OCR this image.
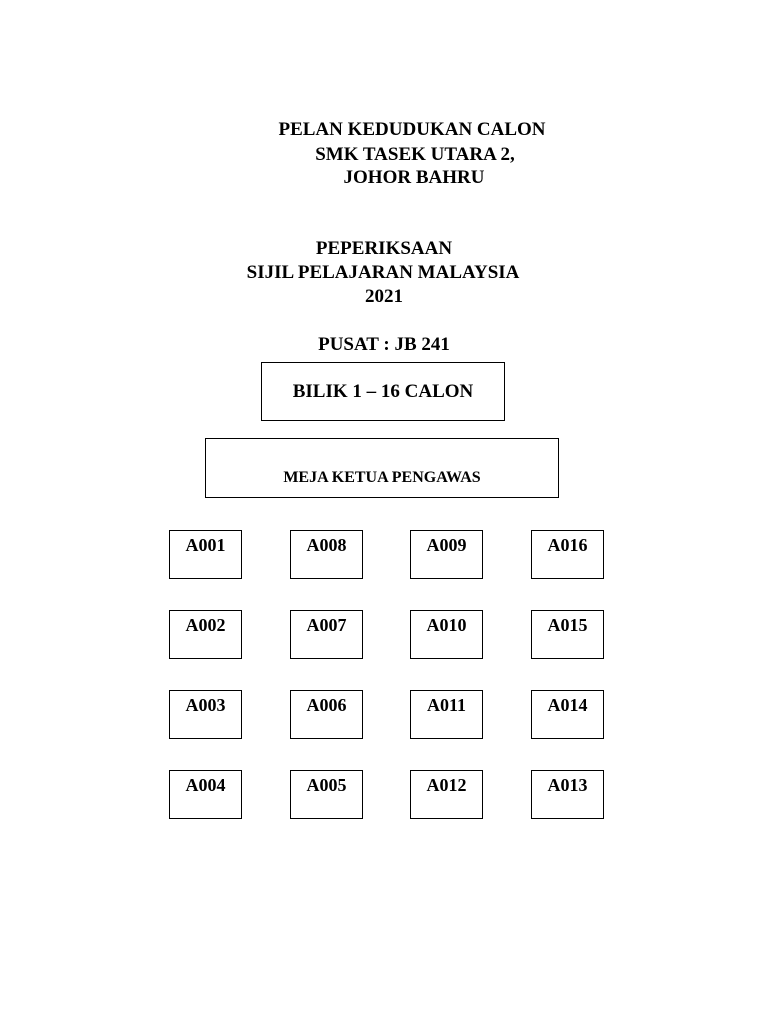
PELAN KEDUDUKAN CALON
SMK TASEK UTARA 2,
JOHOR BAHRU
PEPERIKSAAN
SIJIL PELAJARAN MALAYSIA
2021
PUSAT : JB 241
BILIK 1 – 16 CALON
MEJA KETUA PENGAWAS
A001	A008	A009	A016
A002	A007	A010	A015
A003	A006	A011	A014
A004	A005	A012	A013
